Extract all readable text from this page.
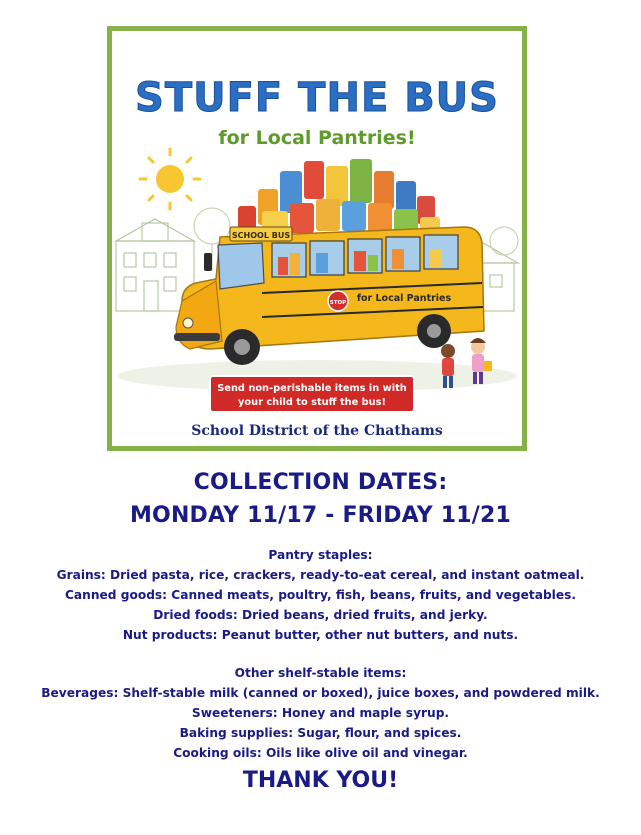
STUFF THE BUS
for Local Pantries!
SCHOOL BUS
for Local Pantries
STOP
Send non-perishable items in with
your child to stuff the bus!
School District of the Chathams
COLLECTION DATES:
MONDAY 11/17 - FRIDAY 11/21
Pantry staples:
Grains: Dried pasta, rice, crackers, ready-to-eat cereal, and instant oatmeal.
Canned goods: Canned meats, poultry, fish, beans, fruits, and vegetables.
Dried foods: Dried beans, dried fruits, and jerky.
Nut products: Peanut butter, other nut butters, and nuts.
Other shelf-stable items:
Beverages: Shelf-stable milk (canned or boxed), juice boxes, and powdered milk.
Sweeteners: Honey and maple syrup.
Baking supplies: Sugar, flour, and spices.
Cooking oils: Oils like olive oil and vinegar.
THANK YOU!
